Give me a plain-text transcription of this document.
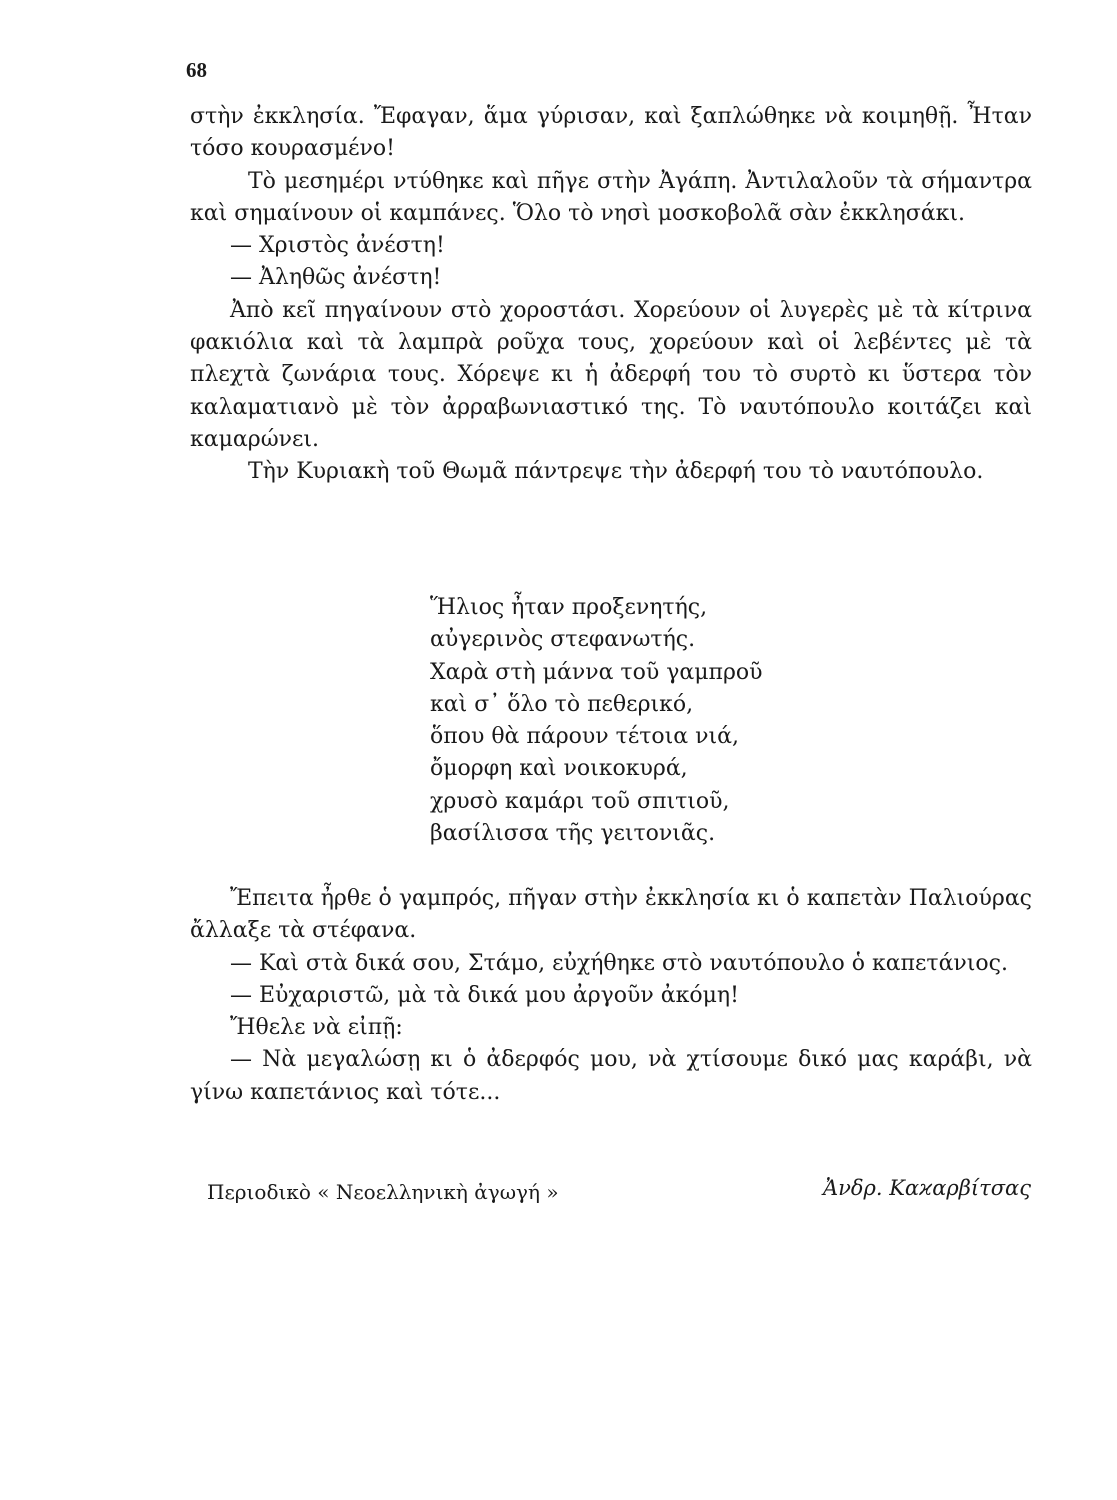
68

στὴν ἐκκλησία. Ἔφαγαν, ἅμα γύρισαν, καὶ ξαπλώθηκε νὰ κοιμηθῇ. Ἦταν τόσο κουρασμένο!

Τὸ μεσημέρι ντύθηκε καὶ πῆγε στὴν Ἀγάπη. Ἀντιλαλοῦν τὰ σήμαντρα καὶ σημαίνουν οἱ καμπάνες. Ὅλο τὸ νησὶ μοσκοβολᾶ σὰν ἐκκλησάκι.

— Χριστὸς ἀνέστη!

— Ἀληθῶς ἀνέστη!

Ἀπὸ κεῖ πηγαίνουν στὸ χοροστάσι. Χορεύουν οἱ λυγερὲς μὲ τὰ κίτρινα φακιόλια καὶ τὰ λαμπρὰ ροῦχα τους, χορεύουν καὶ οἱ λεβέντες μὲ τὰ πλεχτὰ ζωνάρια τους. Χόρεψε κι ἡ ἀδερφή του τὸ συρτὸ κι ὕστερα τὸν καλαματιανὸ μὲ τὸν ἀρραβωνιαστικό της. Τὸ ναυτόπουλο κοιτάζει καὶ καμαρώνει.

Τὴν Κυριακὴ τοῦ Θωμᾶ πάντρεψε τὴν ἀδερφή του τὸ ναυτόπουλο.

Ἥλιος ἦταν προξενητής,
αὐγερινὸς στεφανωτής.
Χαρὰ στὴ μάννα τοῦ γαμπροῦ
καὶ σ᾽ ὅλο τὸ πεθερικό,
ὅπου θὰ πάρουν τέτοια νιά,
ὄμορφη καὶ νοικοκυρά,
χρυσὸ καμάρι τοῦ σπιτιοῦ,
βασίλισσα τῆς γειτονιᾶς.

Ἔπειτα ἦρθε ὁ γαμπρός, πῆγαν στὴν ἐκκλησία κι ὁ καπετὰν Παλιούρας ἄλλαξε τὰ στέφανα.

— Καὶ στὰ δικά σου, Στάμο, εὐχήθηκε στὸ ναυτόπουλο ὁ καπετάνιος.

— Εὐχαριστῶ, μὰ τὰ δικά μου ἀργοῦν ἀκόμη!

Ἤθελε νὰ εἰπῇ:

— Νὰ μεγαλώσῃ κι ὁ ἀδερφός μου, νὰ χτίσουμε δικό μας καράβι, νὰ γίνω καπετάνιος καὶ τότε...

Περιοδικὸ « Νεοελληνικὴ ἀγωγή »	Ἀνδρ. Καϰαρβίτσας
